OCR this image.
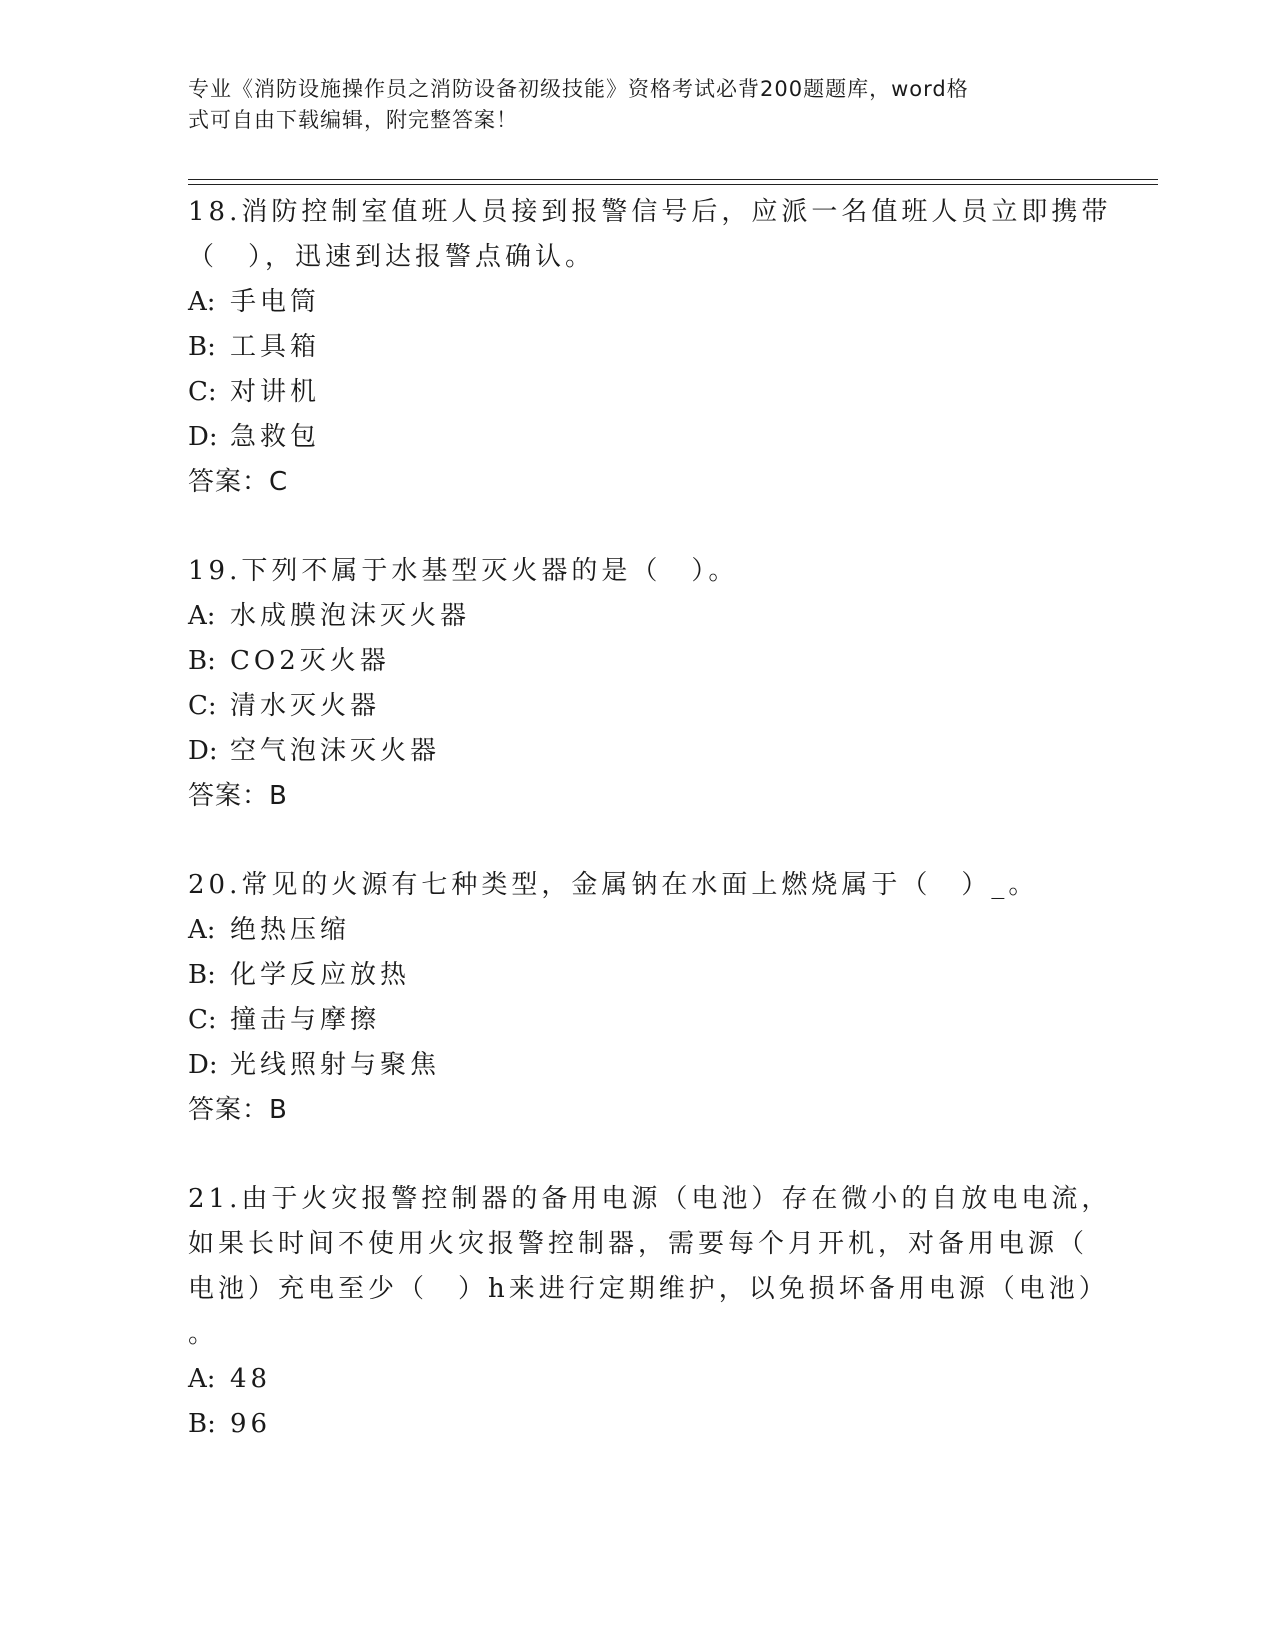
专业《消防设施操作员之消防设备初级技能》资格考试必背200题题库，word格
式可自由下载编辑，附完整答案！
18.消防控制室值班人员接到报警信号后，应派一名值班人员立即携带
（　），迅速到达报警点确认。
A: 手电筒
B: 工具箱
C: 对讲机
D: 急救包
答案：C
19.下列不属于水基型灭火器的是（　）。
A: 水成膜泡沫灭火器
B: CO2灭火器
C: 清水灭火器
D: 空气泡沫灭火器
答案：B
20.常见的火源有七种类型，金属钠在水面上燃烧属于（　）_。
A: 绝热压缩
B: 化学反应放热
C: 撞击与摩擦
D: 光线照射与聚焦
答案：B
21.由于火灾报警控制器的备用电源（电池）存在微小的自放电电流，
如果长时间不使用火灾报警控制器，需要每个月开机，对备用电源（
电池）充电至少（　）h来进行定期维护，以免损坏备用电源（电池）
。
A: 48
B: 96
